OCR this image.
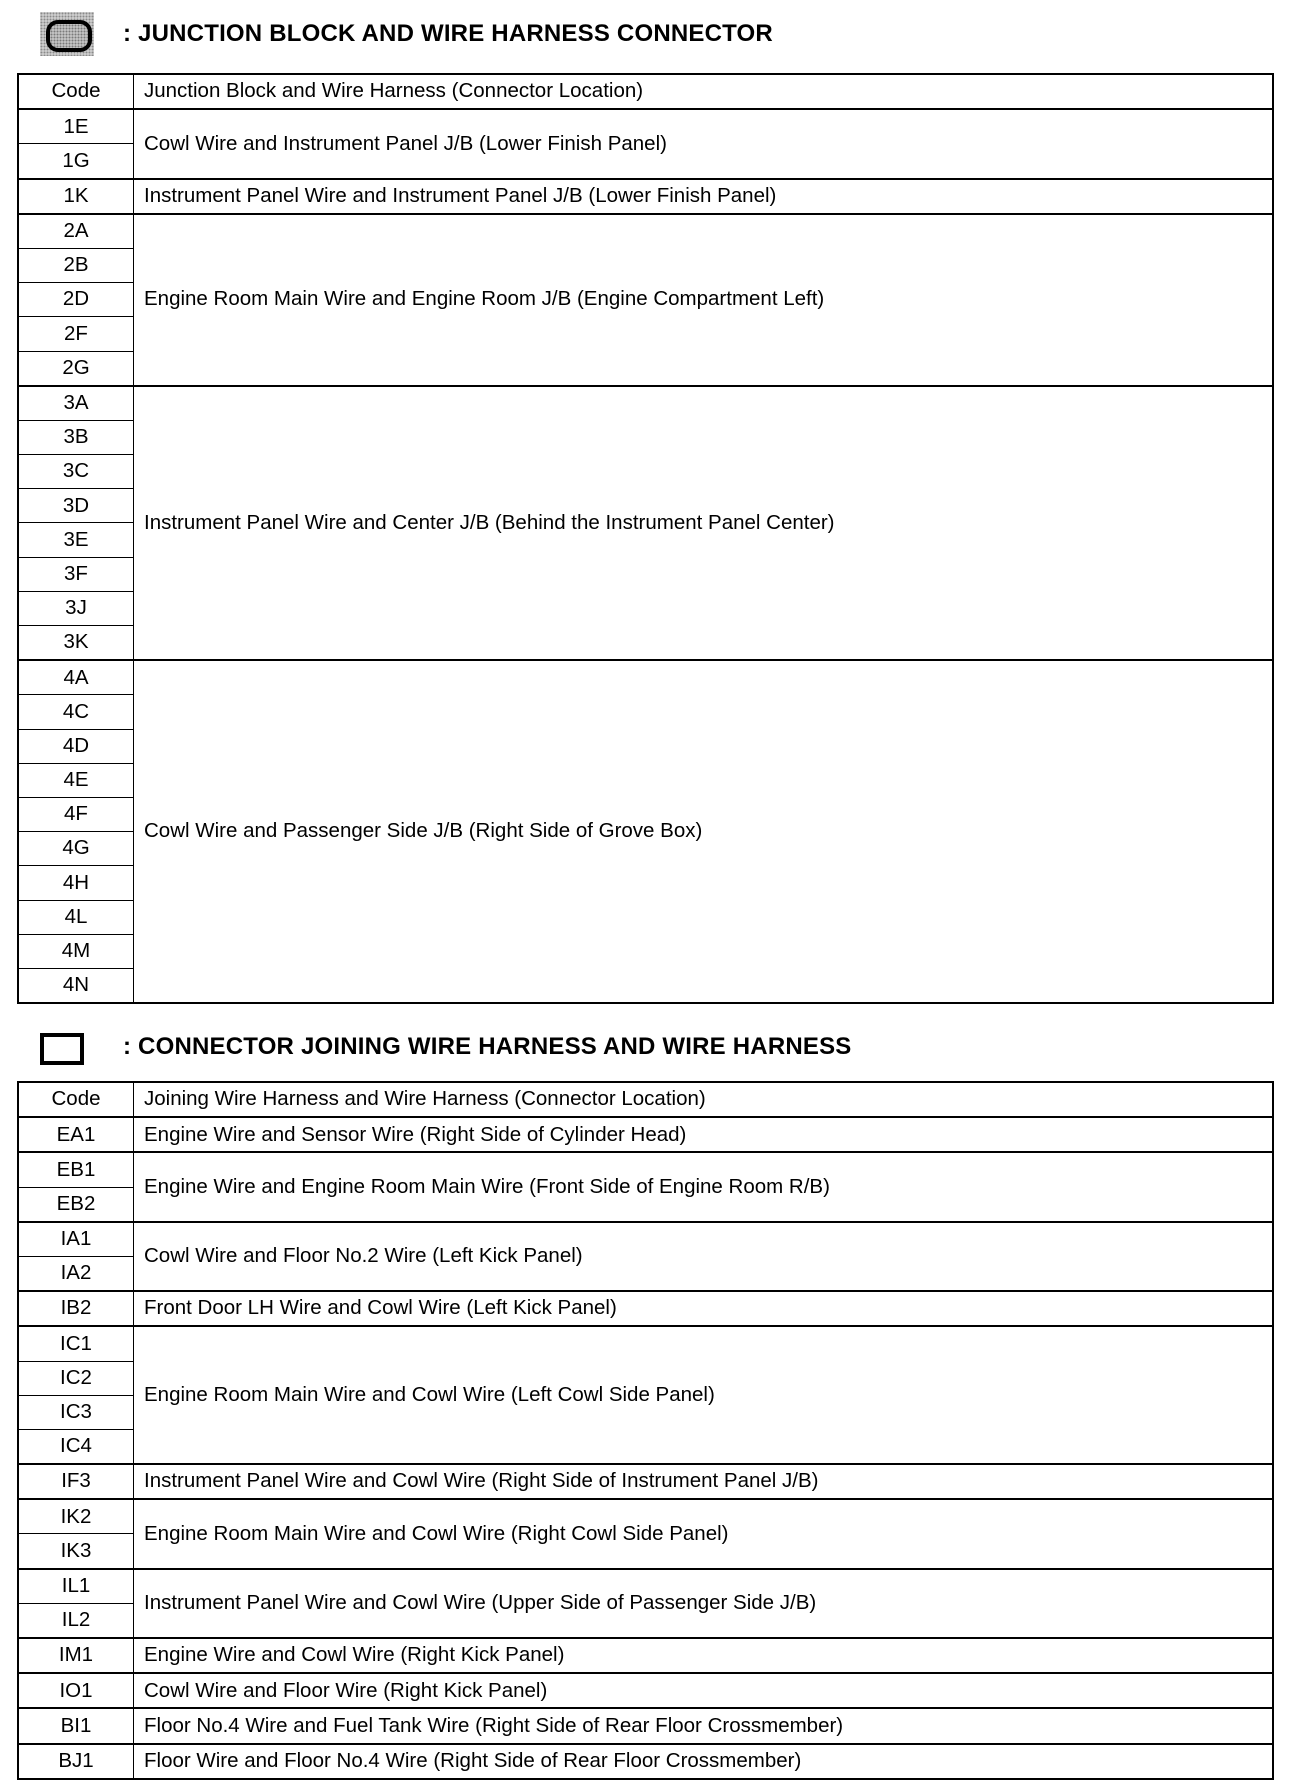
: JUNCTION BLOCK AND WIRE HARNESS CONNECTOR
Code	Junction Block and Wire Harness (Connector Location)
1E	Cowl Wire and Instrument Panel J/B (Lower Finish Panel)
1G	
1K	Instrument Panel Wire and Instrument Panel J/B (Lower Finish Panel)
2A	Engine Room Main Wire and Engine Room J/B (Engine Compartment Left)
2B	
2D	
2F	
2G	
3A	Instrument Panel Wire and Center J/B (Behind the Instrument Panel Center)
3B	
3C	
3D	
3E	
3F	
3J	
3K	
4A	Cowl Wire and Passenger Side J/B (Right Side of Grove Box)
4C	
4D	
4E	
4F	
4G	
4H	
4L	
4M	
4N	
: CONNECTOR JOINING WIRE HARNESS AND WIRE HARNESS
Code	Joining Wire Harness and Wire Harness (Connector Location)
EA1	Engine Wire and Sensor Wire (Right Side of Cylinder Head)
EB1	Engine Wire and Engine Room Main Wire (Front Side of Engine Room R/B)
EB2	
IA1	Cowl Wire and Floor No.2 Wire (Left Kick Panel)
IA2	
IB2	Front Door LH Wire and Cowl Wire (Left Kick Panel)
IC1	Engine Room Main Wire and Cowl Wire (Left Cowl Side Panel)
IC2	
IC3	
IC4	
IF3	Instrument Panel Wire and Cowl Wire (Right Side of Instrument Panel J/B)
IK2	Engine Room Main Wire and Cowl Wire (Right Cowl Side Panel)
IK3	
IL1	Instrument Panel Wire and Cowl Wire (Upper Side of Passenger Side J/B)
IL2	
IM1	Engine Wire and Cowl Wire (Right Kick Panel)
IO1	Cowl Wire and Floor Wire (Right Kick Panel)
BI1	Floor No.4 Wire and Fuel Tank Wire (Right Side of Rear Floor Crossmember)
BJ1	Floor Wire and Floor No.4 Wire (Right Side of Rear Floor Crossmember)
